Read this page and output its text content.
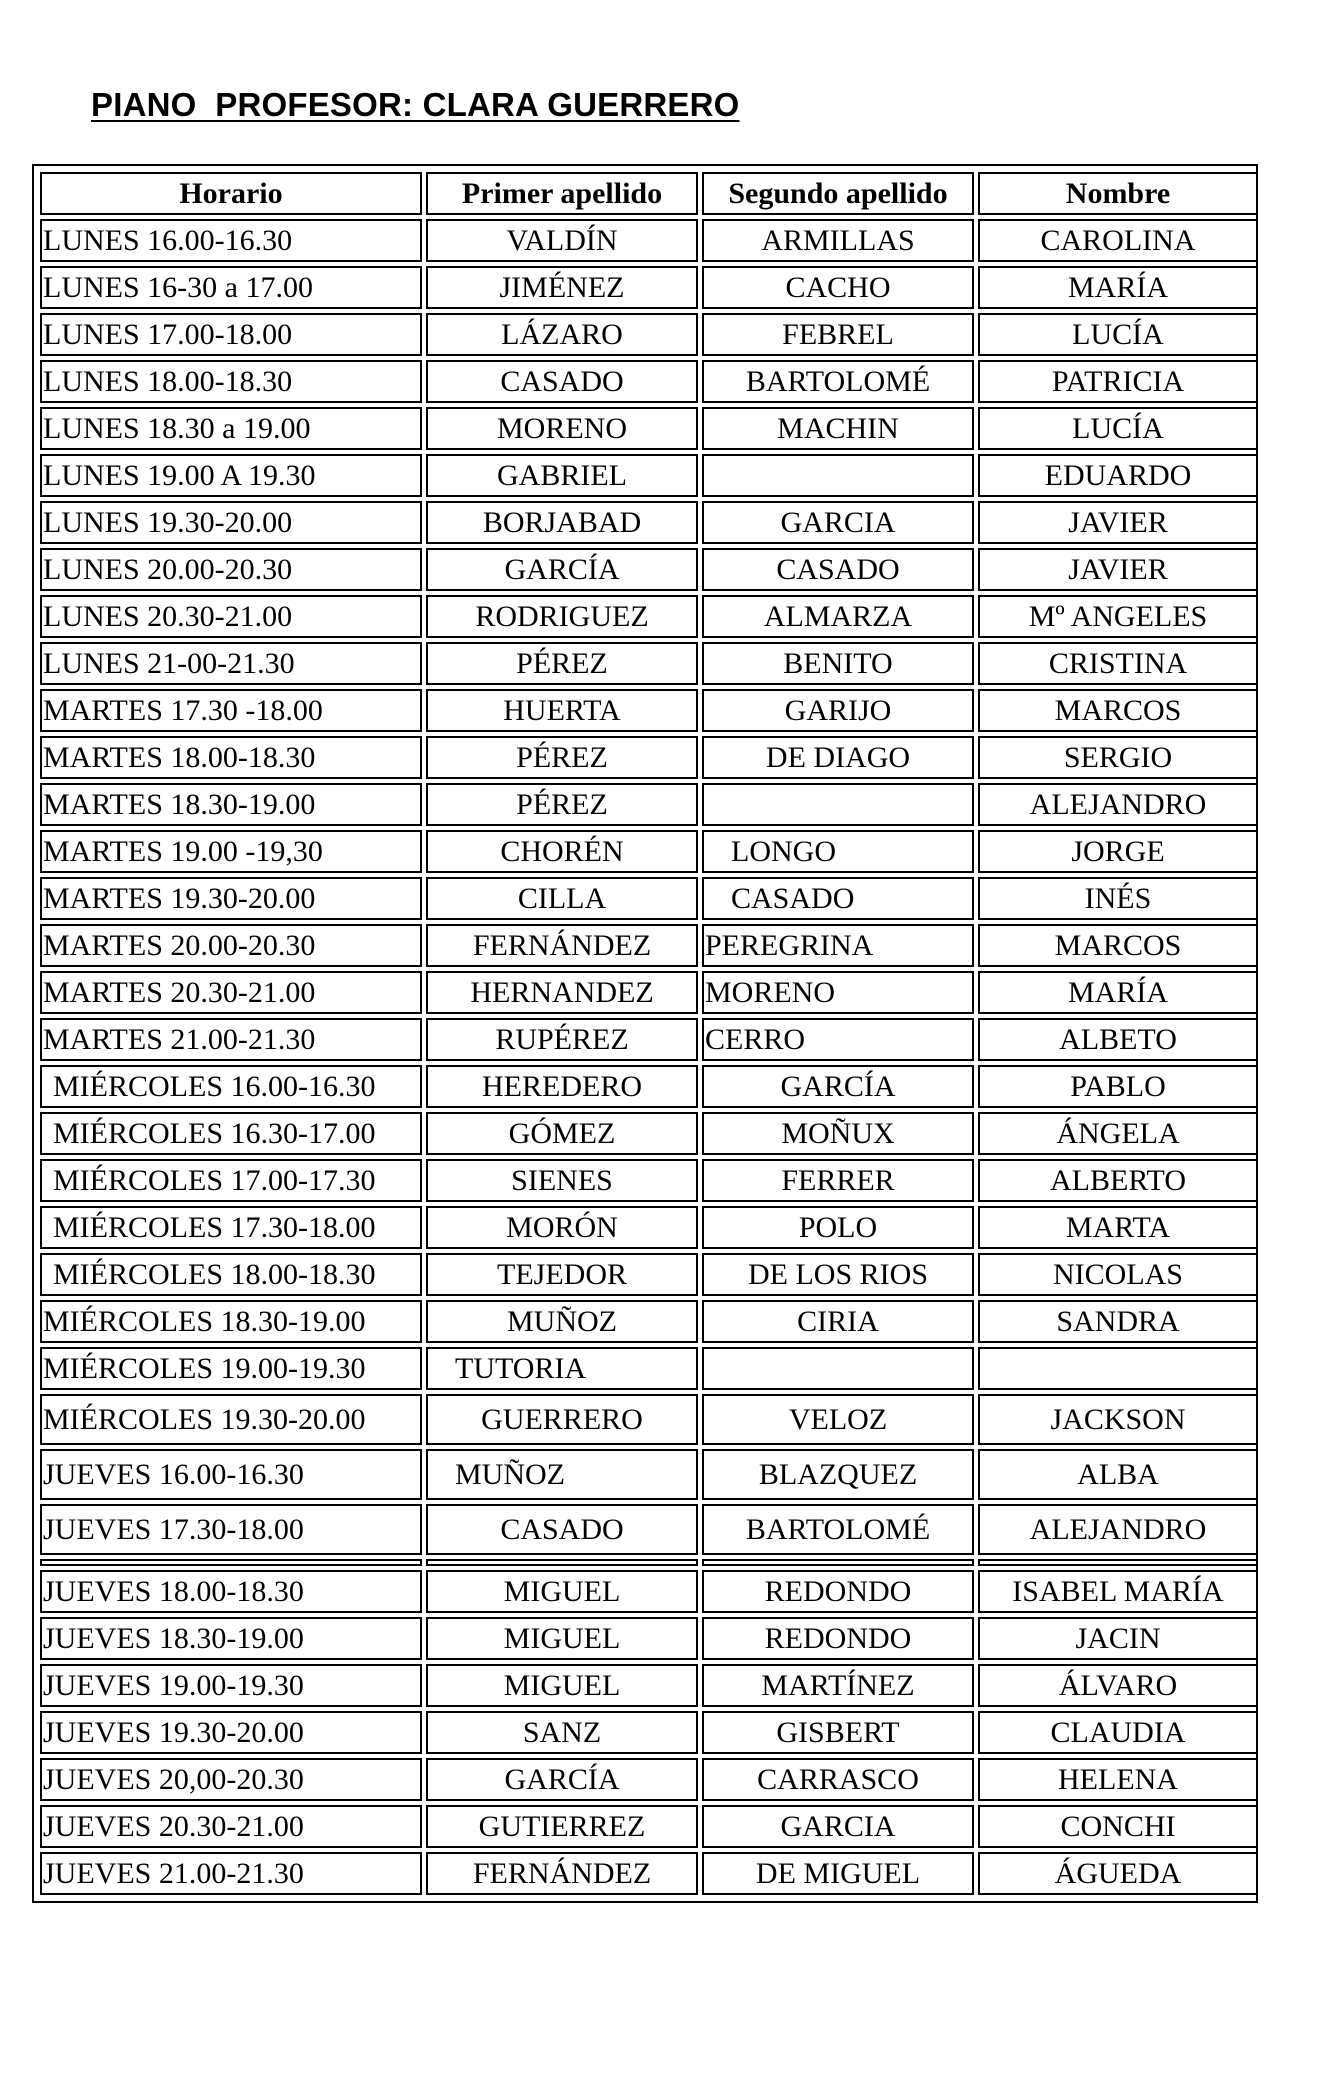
PIANO  PROFESOR: CLARA GUERRERO
Horario	Primer apellido	Segundo apellido	Nombre
LUNES 16.00-16.30	VALDÍN	ARMILLAS	CAROLINA
LUNES 16-30 a 17.00	JIMÉNEZ	CACHO	MARÍA
LUNES 17.00-18.00	LÁZARO	FEBREL	LUCÍA
LUNES 18.00-18.30	CASADO	BARTOLOMÉ	PATRICIA
LUNES 18.30 a 19.00	MORENO	MACHIN	LUCÍA
LUNES 19.00 A 19.30	GABRIEL		EDUARDO
LUNES 19.30-20.00	BORJABAD	GARCIA	JAVIER
LUNES 20.00-20.30	GARCÍA	CASADO	JAVIER
LUNES 20.30-21.00	RODRIGUEZ	ALMARZA	Mº ANGELES
LUNES 21-00-21.30	PÉREZ	BENITO	CRISTINA
MARTES 17.30 -18.00	HUERTA	GARIJO	MARCOS
MARTES 18.00-18.30	PÉREZ	DE DIAGO	SERGIO
MARTES 18.30-19.00	PÉREZ		ALEJANDRO
MARTES 19.00 -19,30	CHORÉN	LONGO	JORGE
MARTES 19.30-20.00	CILLA	CASADO	INÉS
MARTES 20.00-20.30	FERNÁNDEZ	PEREGRINA	MARCOS
MARTES 20.30-21.00	HERNANDEZ	MORENO	MARÍA
MARTES 21.00-21.30	RUPÉREZ	CERRO	ALBETO
MIÉRCOLES 16.00-16.30	HEREDERO	GARCÍA	PABLO
MIÉRCOLES 16.30-17.00	GÓMEZ	MOÑUX	ÁNGELA
MIÉRCOLES 17.00-17.30	SIENES	FERRER	ALBERTO
MIÉRCOLES 17.30-18.00	MORÓN	POLO	MARTA
MIÉRCOLES 18.00-18.30	TEJEDOR	DE LOS RIOS	NICOLAS
MIÉRCOLES 18.30-19.00	MUÑOZ	CIRIA	SANDRA
MIÉRCOLES 19.00-19.30	TUTORIA		
MIÉRCOLES 19.30-20.00	GUERRERO	VELOZ	JACKSON
JUEVES 16.00-16.30	MUÑOZ	BLAZQUEZ	ALBA
JUEVES 17.30-18.00	CASADO	BARTOLOMÉ	ALEJANDRO

JUEVES 18.00-18.30	MIGUEL	REDONDO	ISABEL MARÍA
JUEVES 18.30-19.00	MIGUEL	REDONDO	JACIN
JUEVES 19.00-19.30	MIGUEL	MARTÍNEZ	ÁLVARO
JUEVES 19.30-20.00	SANZ	GISBERT	CLAUDIA
JUEVES 20,00-20.30	GARCÍA	CARRASCO	HELENA
JUEVES 20.30-21.00	GUTIERREZ	GARCIA	CONCHI
JUEVES 21.00-21.30	FERNÁNDEZ	DE MIGUEL	ÁGUEDA
